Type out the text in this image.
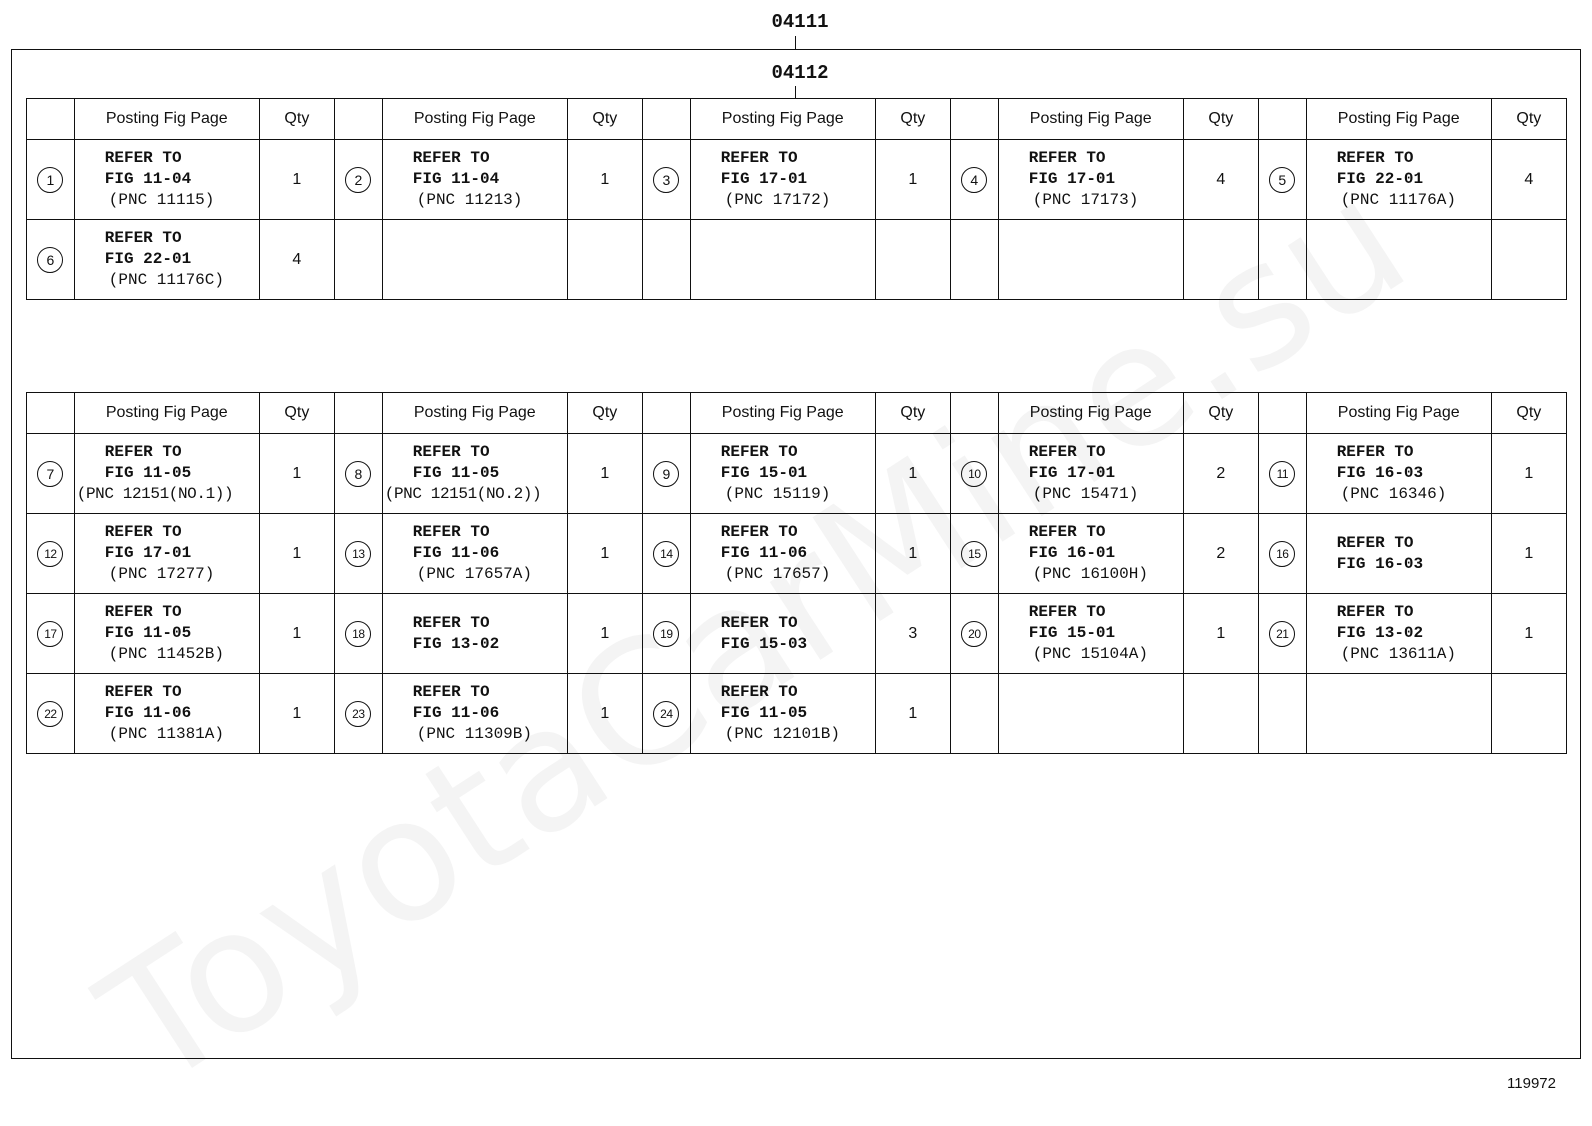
04111
04112
	Posting Fig Page	Qty		Posting Fig Page	Qty		Posting Fig Page	Qty		Posting Fig Page	Qty		Posting Fig Page	Qty
1	REFER TO
FIG 11-04
(PNC 11115)	1	2	REFER TO
FIG 11-04
(PNC 11213)	1	3	REFER TO
FIG 17-01
(PNC 17172)	1	4	REFER TO
FIG 17-01
(PNC 17173)	4	5	REFER TO
FIG 22-01
(PNC 11176A)	4
6	REFER TO
FIG 22-01
(PNC 11176C)	4												
	Posting Fig Page	Qty		Posting Fig Page	Qty		Posting Fig Page	Qty		Posting Fig Page	Qty		Posting Fig Page	Qty
7	REFER TO
FIG 11-05
(PNC 12151(NO.1))	1	8	REFER TO
FIG 11-05
(PNC 12151(NO.2))	1	9	REFER TO
FIG 15-01
(PNC 15119)	1	10	REFER TO
FIG 17-01
(PNC 15471)	2	11	REFER TO
FIG 16-03
(PNC 16346)	1
12	REFER TO
FIG 17-01
(PNC 17277)	1	13	REFER TO
FIG 11-06
(PNC 17657A)	1	14	REFER TO
FIG 11-06
(PNC 17657)	1	15	REFER TO
FIG 16-01
(PNC 16100H)	2	16	REFER TO
FIG 16-03	1
17	REFER TO
FIG 11-05
(PNC 11452B)	1	18	REFER TO
FIG 13-02	1	19	REFER TO
FIG 15-03	3	20	REFER TO
FIG 15-01
(PNC 15104A)	1	21	REFER TO
FIG 13-02
(PNC 13611A)	1
22	REFER TO
FIG 11-06
(PNC 11381A)	1	23	REFER TO
FIG 11-06
(PNC 11309B)	1	24	REFER TO
FIG 11-05
(PNC 12101B)	1						
119972
